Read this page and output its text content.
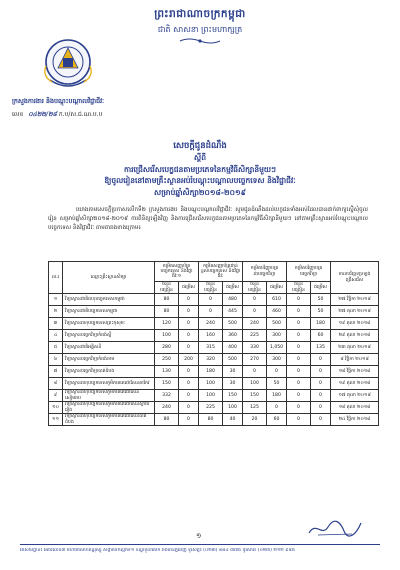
ព្រះរាជាណាចក្រកម្ពុជា
ជាតិ សាសនា ព្រះមហាក្សត្រ
ក្រសួងការងារ និងបណ្តុះបណ្តាលវិជ្ជាជីវៈ
លេខ ០៤២២/២៨ ក.ប/ស.ជ.ណ.ប.ប
សេចក្តីជូនដំណឹង
ស្តីពី
ការជ្រើសរើសបេក្ខជនតាមប្រភេទនៃកម្មវិធីសិក្សានីមួយៗ
ឱ្យចូលរៀននៅតាមគ្រឹះស្ថានអប់រំបណ្តុះបណ្តាលបច្ចេកទេស និងវិជ្ជាជីវៈ
សម្រាប់ឆ្នាំសិក្សា២០១៨-២០១៩
យោងតាមសេចក្តីប្រកាសលើកទី២ ក្រសួងការងារ និងបណ្តុះបណ្តាលវិជ្ជាជីវៈ សូមជូនដំណឹងដល់បេក្ខជនទាំងអស់ដែលបានដាក់ពាក្យស្នើសុំចូលរៀន សម្រាប់ឆ្នាំសិក្សា២០១៨-២០១៩ ការពិនិត្យឡើងវិញ និងការជ្រើសរើសបេក្ខជនតាមប្រភេទនៃកម្មវិធីសិក្សានីមួយៗ នៅតាមគ្រឹះស្ថានអប់រំបណ្តុះបណ្តាលបច្ចេកទេស និងវិជ្ជាជីវៈ តាមតារាងខាងក្រោម៖
ល.រ	ឈ្មោះគ្រឹះស្ថានសិក្សា	កម្រិតសញ្ញាប័ត្របច្ចេកទេស និងវិជ្ជាជីវៈ១		កម្រិតសញ្ញាប័ត្រជាន់ខ្ពស់បច្ចេកទេស និងវិជ្ជាជីវៈ		កម្រិតបរិញ្ញាបត្ររងបច្ចេកវិទ្យា		កម្រិតបរិញ្ញាបត្របច្ចេកវិទ្យា		កាលបរិច្ឆេទប្រឡងជ្រើសរើស
		ចំនួនបង្រៀន	ជម្រើស	ចំនួនបង្រៀន	ជម្រើស	ចំនួនបង្រៀន	ជម្រើស	ចំនួនបង្រៀន	ជម្រើស	
១	វិទ្យាស្ថានជាតិពហុបច្ចេកទេសកម្ពុជា	80	0	0	480	0	610	0	50	២៧ វិច្ឆិកា ២០១៨
២	វិទ្យាស្ថានជាតិបច្ចេកទេសកម្ពុជា	80	0	0	445	0	460	0	50	២៧ តុលា ២០១៨
៣	វិទ្យាស្ថានពហុបច្ចេកទេសព្រះកុសុមៈ	120	0	240	500	240	500	0	180	១៩ តុលា ២០១៨
៤	វិទ្យាស្ថានបច្ចេកវិទ្យាកំពង់ស្ពឺ	100	0	160	360	225	300	0	60	២៩ តុលា ២០១៨
៥	វិទ្យាស្ថានជាតិអគ្គិសនី	280	0	315	400	330	1,050	0	135	២៣ តុលា ២០១៨
៦	វិទ្យាស្ថានបច្ចេកវិទ្យាកំពង់ចាម	250	200	320	500	270	300	0	0	៨ វិច្ឆិកា ២០១៨
៧	វិទ្យាស្ថានបច្ចេកវិទ្យាបាត់ដំបង	130	0	180	30	0	0	0	0	១៨ វិច្ឆិកា ២០១៨
៨	វិទ្យាស្ថានពហុបច្ចេកទេសភូមិភាគតេជោសែនតាកែវ	150	0	100	30	100	50	0	0	១៩ តុលា ២០១៨
៩	វិទ្យាស្ថានពហុបច្ចេកទេសភូមិភាគតេជោសែនសៀមរាប	332	0	100	150	150	180	0	0	១៧ តុលា ២០១៨
១០	វិទ្យាស្ថានពហុបច្ចេកទេសភូមិភាគតេជោសែនស្វាយរៀង	240	0	225	100	125	0	0	0	១៨ តុលា ២០១៨
១១	វិទ្យាស្ថានពហុបច្ចេកទេសភូមិភាគតេជោសែនបាត់ដំបង	80	0	80	40	20	60	0	0	២៤ វិច្ឆិកា ២០១៨
១
អាសយដ្ឋាន៖ អគារលេខ៣ មហាវិថីសហព័ន្ធរុស្ស៊ី សង្កាត់ទឹកល្អក់ទី១ ខណ្ឌទួលគោក រាជធានីភ្នំពេញ ទូរស័ព្ទ៖ (០២៣) ៨៨៤ ៣៧៥ ទូរសារ៖ (០២៣) ២១២ ៩៨៥
